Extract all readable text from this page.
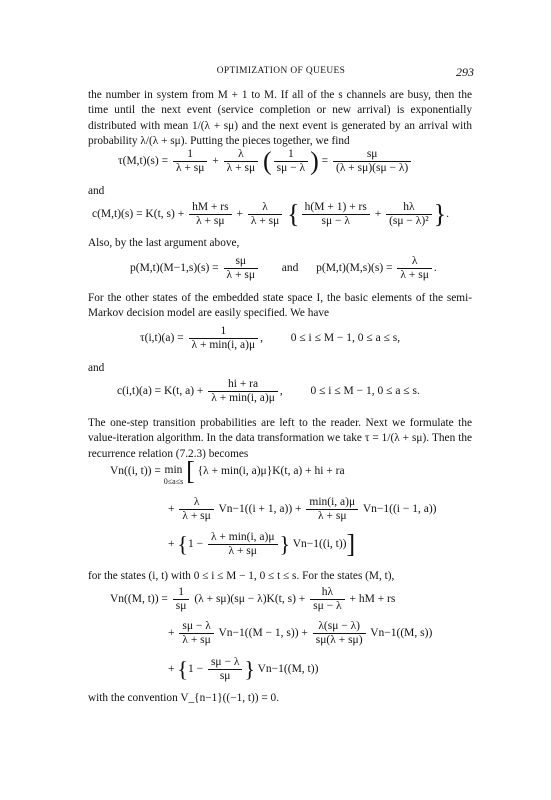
OPTIMIZATION OF QUEUES	293
the number in system from M + 1 to M. If all of the s channels are busy, then the time until the next event (service completion or new arrival) is exponentially distributed with mean 1/(λ + sμ) and the next event is generated by an arrival with probability λ/(λ + sμ). Putting the pieces together, we find
$\tau(M,t)(s) = \frac{1}{\lambda + s\mu} + \frac{\lambda}{\lambda + s\mu}$ ( $\frac{1}{s\mu - \lambda}$ ) = $\frac{s\mu}{(\lambda + s\mu)(s\mu - \lambda)}$
and
c(M,t)(s) = K(t, $s) + \frac{hM + rs}{\lambda + s\mu} + \frac{\lambda}{\lambda + s\mu}$ { $\frac{h(M + 1) + rs}{s\mu - \lambda} + \frac{h\lambda}{\text{(sμ − λ)²}}$ }.
Also, by the last argument above,
$p(M,t)(M-1,s)(s) = \frac{s\mu}{\lambda + s\mu}$ and $p(M,t)(M,s)(s) = \frac{\lambda}{\lambda + s\mu}$ .
For the other states of the embedded state space I, the basic elements of the semi-Markov decision model are easily specified. We have
$\tau(i,t)(a) = \frac{1}{\lambda + \min(i, a)\mu}$ ,  0 ≤ i ≤ M − 1, 0 ≤ a ≤ s,
and
c(i,t)(a) = K(t, $a) + \frac{hi + ra}{\lambda + \min(i, a)\mu}$ ,  0 ≤ i ≤ M − 1, 0 ≤ a ≤ s.
The one-step transition probabilities are left to the reader. Next we formulate the value-iteration algorithm. In the data transformation we take τ = 1/(λ + sμ). Then the recurrence relation (7.2.3) becomes
Vn((i, t)) = min
0≤a≤s [ {λ + min(i, a)μ}K(t, a) + hi + ra
+ $\frac{\lambda}{\lambda + s\mu} Vn-1((i + 1$, $a)) + \frac{\min(i, a)\mu}{\lambda + s\mu} Vn-1((i - 1$, a))
+ {$1 - \frac{\lambda + \min(i, a)\mu}{\lambda + s\mu}$ } Vn−1((i, t))]
for the states (i, t) with 0 ≤ i ≤ M − 1, 0 ≤ t ≤ s. For the states (M, t),
Vn((M, $t)) = \frac{1}{s\mu} (\lambda + s\mu)(s\mu - \lambda)K(t$, $s) + \frac{h\lambda}{s\mu - \lambda}$ + hM + rs
+ $\frac{s\mu - \lambda}{\lambda + s\mu} Vn-1((M - 1$, $s)) + \frac{\lambda(s\mu - \lambda)}{s\mu(\lambda + s\mu)} Vn-1((M$, s))
+ {$1 - \frac{s\mu - \lambda}{s\mu}$ } Vn−1((M, t))
with the convention V_{n−1}((−1, t)) = 0.
